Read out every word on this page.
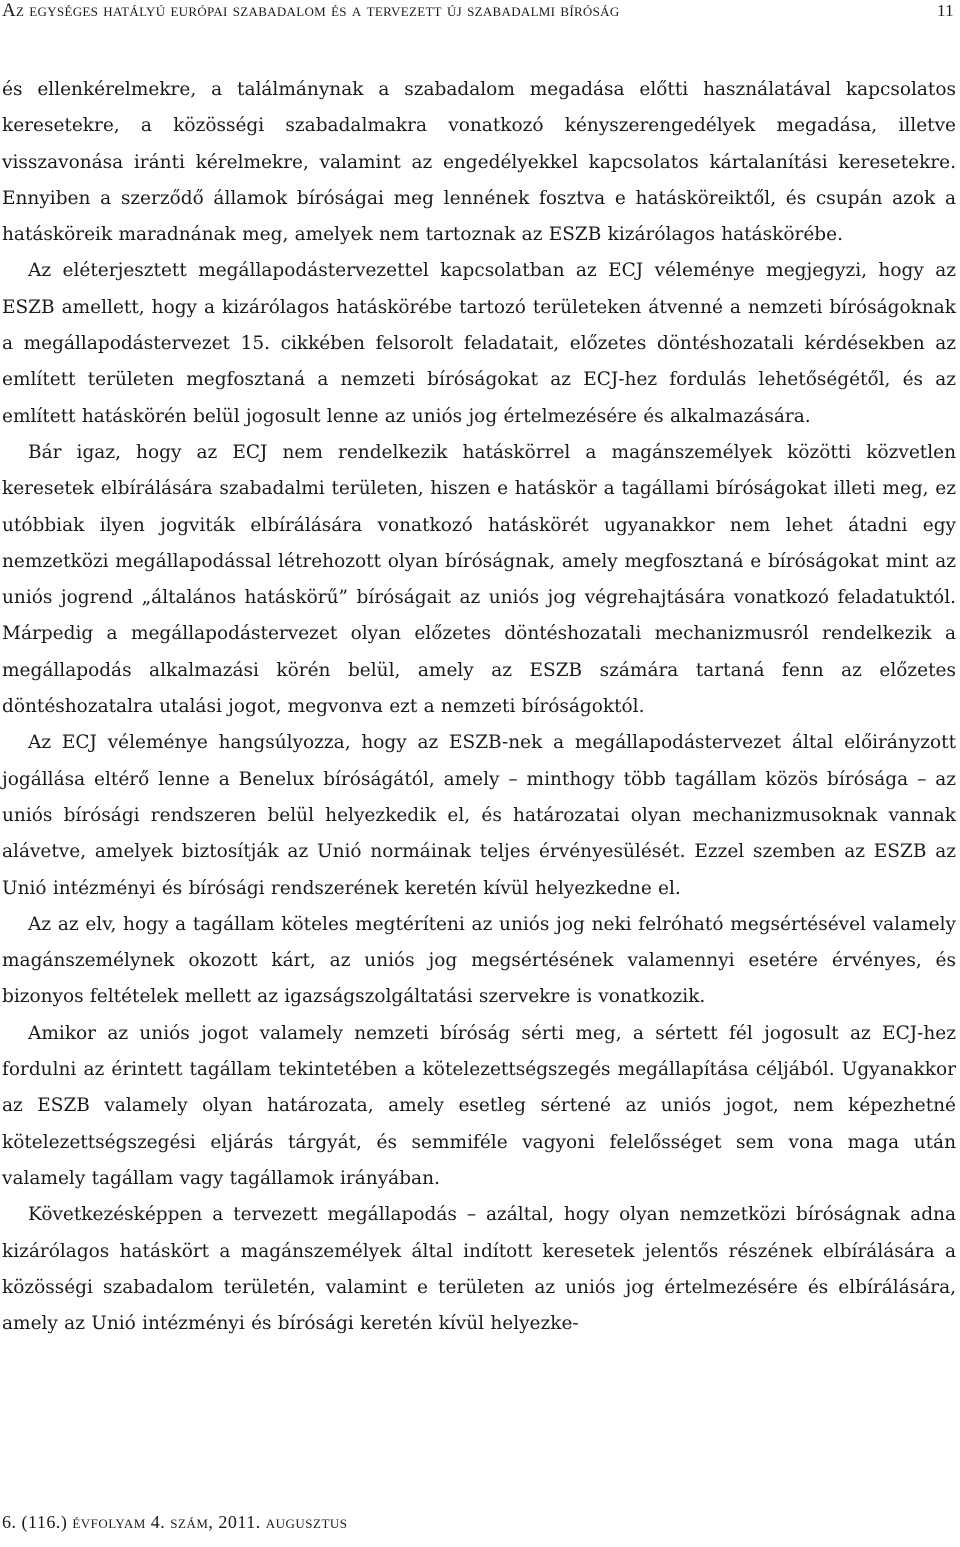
Az egységes hatályú európai szabadalom és a tervezett új szabadalmi bíróság	11

és ellenkérelmekre, a találmánynak a szabadalom megadása előtti használatával kapcsolatos keresetekre, a közösségi szabadalmakra vonatkozó kényszerengedélyek megadása, illetve visszavonása iránti kérelmekre, valamint az engedélyekkel kapcsolatos kártalanítási keresetekre. Ennyiben a szerződő államok bíróságai meg lennének fosztva e hatásköreiktől, és csupán azok a hatásköreik maradnának meg, amelyek nem tartoznak az ESZB kizárólagos hatáskörébe.

Az eléterjesztett megállapodástervezettel kapcsolatban az ECJ véleménye megjegyzi, hogy az ESZB amellett, hogy a kizárólagos hatáskörébe tartozó területeken átvenné a nemzeti bíróságoknak a megállapodástervezet 15. cikkében felsorolt feladatait, előzetes döntéshozatali kérdésekben az említett területen megfosztaná a nemzeti bíróságokat az ECJ-hez fordulás lehetőségétől, és az említett hatáskörén belül jogosult lenne az uniós jog értelmezésére és alkalmazására.

Bár igaz, hogy az ECJ nem rendelkezik hatáskörrel a magánszemélyek közötti közvetlen keresetek elbírálására szabadalmi területen, hiszen e hatáskör a tagállami bíróságokat illeti meg, ez utóbbiak ilyen jogviták elbírálására vonatkozó hatáskörét ugyanakkor nem lehet átadni egy nemzetközi megállapodással létrehozott olyan bíróságnak, amely megfosztaná e bíróságokat mint az uniós jogrend „általános hatáskörű” bíróságait az uniós jog végrehajtására vonatkozó feladatuktól. Márpedig a megállapodástervezet olyan előzetes döntéshozatali mechanizmusról rendelkezik a megállapodás alkalmazási körén belül, amely az ESZB számára tartaná fenn az előzetes döntéshozatalra utalási jogot, megvonva ezt a nemzeti bíróságoktól.

Az ECJ véleménye hangsúlyozza, hogy az ESZB-nek a megállapodástervezet által előirányzott jogállása eltérő lenne a Benelux bíróságától, amely – minthogy több tagállam közös bírósága – az uniós bírósági rendszeren belül helyezkedik el, és határozatai olyan mechanizmusoknak vannak alávetve, amelyek biztosítják az Unió normáinak teljes érvényesülését. Ezzel szemben az ESZB az Unió intézményi és bírósági rendszerének keretén kívül helyezkedne el.

Az az elv, hogy a tagállam köteles megtéríteni az uniós jog neki felróható megsértésével valamely magánszemélynek okozott kárt, az uniós jog megsértésének valamennyi esetére érvényes, és bizonyos feltételek mellett az igazságszolgáltatási szervekre is vonatkozik.

Amikor az uniós jogot valamely nemzeti bíróság sérti meg, a sértett fél jogosult az ECJ-hez fordulni az érintett tagállam tekintetében a kötelezettségszegés megállapítása céljából. Ugyanakkor az ESZB valamely olyan határozata, amely esetleg sértené az uniós jogot, nem képezhetné kötelezettségszegési eljárás tárgyát, és semmiféle vagyoni felelősséget sem vona maga után valamely tagállam vagy tagállamok irányában.

Következésképpen a tervezett megállapodás – azáltal, hogy olyan nemzetközi bíróságnak adna kizárólagos hatáskört a magánszemélyek által indított keresetek jelentős részének elbírálására a közösségi szabadalom területén, valamint e területen az uniós jog értelmezésére és elbírálására, amely az Unió intézményi és bírósági keretén kívül helyezke-

6. (116.) évfolyam 4. szám, 2011. augusztus
